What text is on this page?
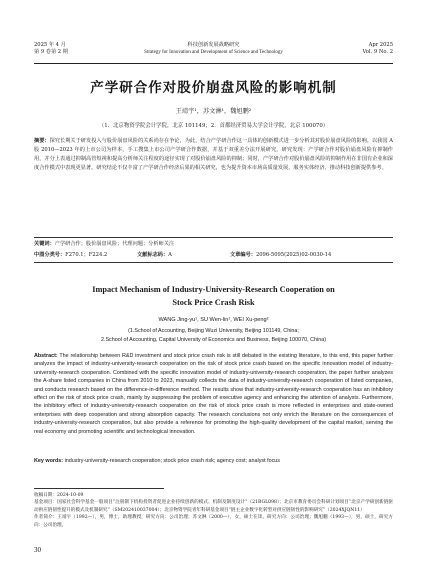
2025 年 4 月
第 9 卷第 2 期
科技创新发展战略研究
Strategy for Innovation and Development of Science and Technology
Apr 2025
Vol. 9 No. 2
产学研合作对股价崩盘风险的影响机制
王靖宇¹，苏文淋¹，魏旭鹏²
（1．北京物资学院会计学院，北京 101149；2．首都经济贸易大学会计学院，北京 100070）
摘要：探究长期关于研发投入与股价崩盘风险的关系尚存在争论，为此，结合产学研合作这一具体的创新模式进一步分析其对股价崩盘风险的影响。以我国 A 股 2010—2023 年的上市公司为样本，手工搜集上市公司产学研合作数据，并基于双重差分法开展研究。研究发现：产学研合作对股价崩盘风险有抑制作用，并分上表通过抑制高管短视和提高分析师关注程度的途径实现了对股价崩盘风险的抑制；同时，产学研合作对股价崩盘风险的抑制作用在非国有企业和深度合作模式中表现更显著。研究结论不仅丰富了产学研合作经济后果的相关研究，也为提升资本市场高质量发展，服务实体经济、推动科技创新提供参考。
关键词：产学研合作；股价崩盘风险；代理问题；分析师关注
中图分类号：F270.1；F224.2	文献标志码：A	文章编号：2096-5095(2025)02-0030-14
Impact Mechanism of Industry-University-Research Cooperation on
Stock Price Crash Risk
WANG Jing-yu¹, SU Wen-lin¹, WEI Xu-peng²
(1.School of Accounting, Beijing Wuzi University, Beijing 101149, China;
2.School of Accounting, Capital University of Economics and Business, Beijing 100070, China)
Abstract: The relationship between R&D investment and stock price crash risk is still debated in the existing literature, to this end, this paper further analyzes the impact of industry-university-research cooperation on the risk of stock price crash based on the specific innovation model of industry-university-research cooperation. Combined with the specific innovation model of industry-university-research cooperation, the paper further analyzes the A-share listed companies in China from 2010 to 2023, manually collects the data of industry-university-research cooperation of listed companies, and conducts research based on the difference-in-difference method. The results show that industry-university-research cooperation has an inhibitory effect on the risk of stock price crash, mainly by suppressing the problem of executive agency and enhancing the attention of analysts. Furthermore, the inhibitory effect of industry-university-research cooperation on the risk of stock price crash is more reflected in enterprises and state-owned enterprises with deep cooperation and strong absorption capacity. The research conclusions not only enrich the literature on the consequences of industry-university-research cooperation, but also provide a reference for promoting the high-quality development of the capital market, serving the real economy and promoting scientific and technological innovation.
Key words: industry-university-research cooperation; stock price crash risk; agency cost; analyst focus

收稿日期：2024-10-09

基金项目：国家社会科学基金一般项目“注册制下机构投资者促进企业持续创新的模式、机制及制度设计”（21BGL098）；北京市教育委员会科研计划项目“北京产学研创新链驱动供应链韧性提升的模式及机制研究”（SM202410037004）；北京物资学院青年科研基金项目“链主企业数字化转型对供应链韧性的影响研究”（2024XJQN11）

作者简介：王靖宇（1992—），男，博士，助理教授，研究方向：公司治理；苏文淋（2000—），女，硕士在读，研究方向：公司治理；魏旭鹏（1993—），男，硕士，研究方向：公司治理。

30
